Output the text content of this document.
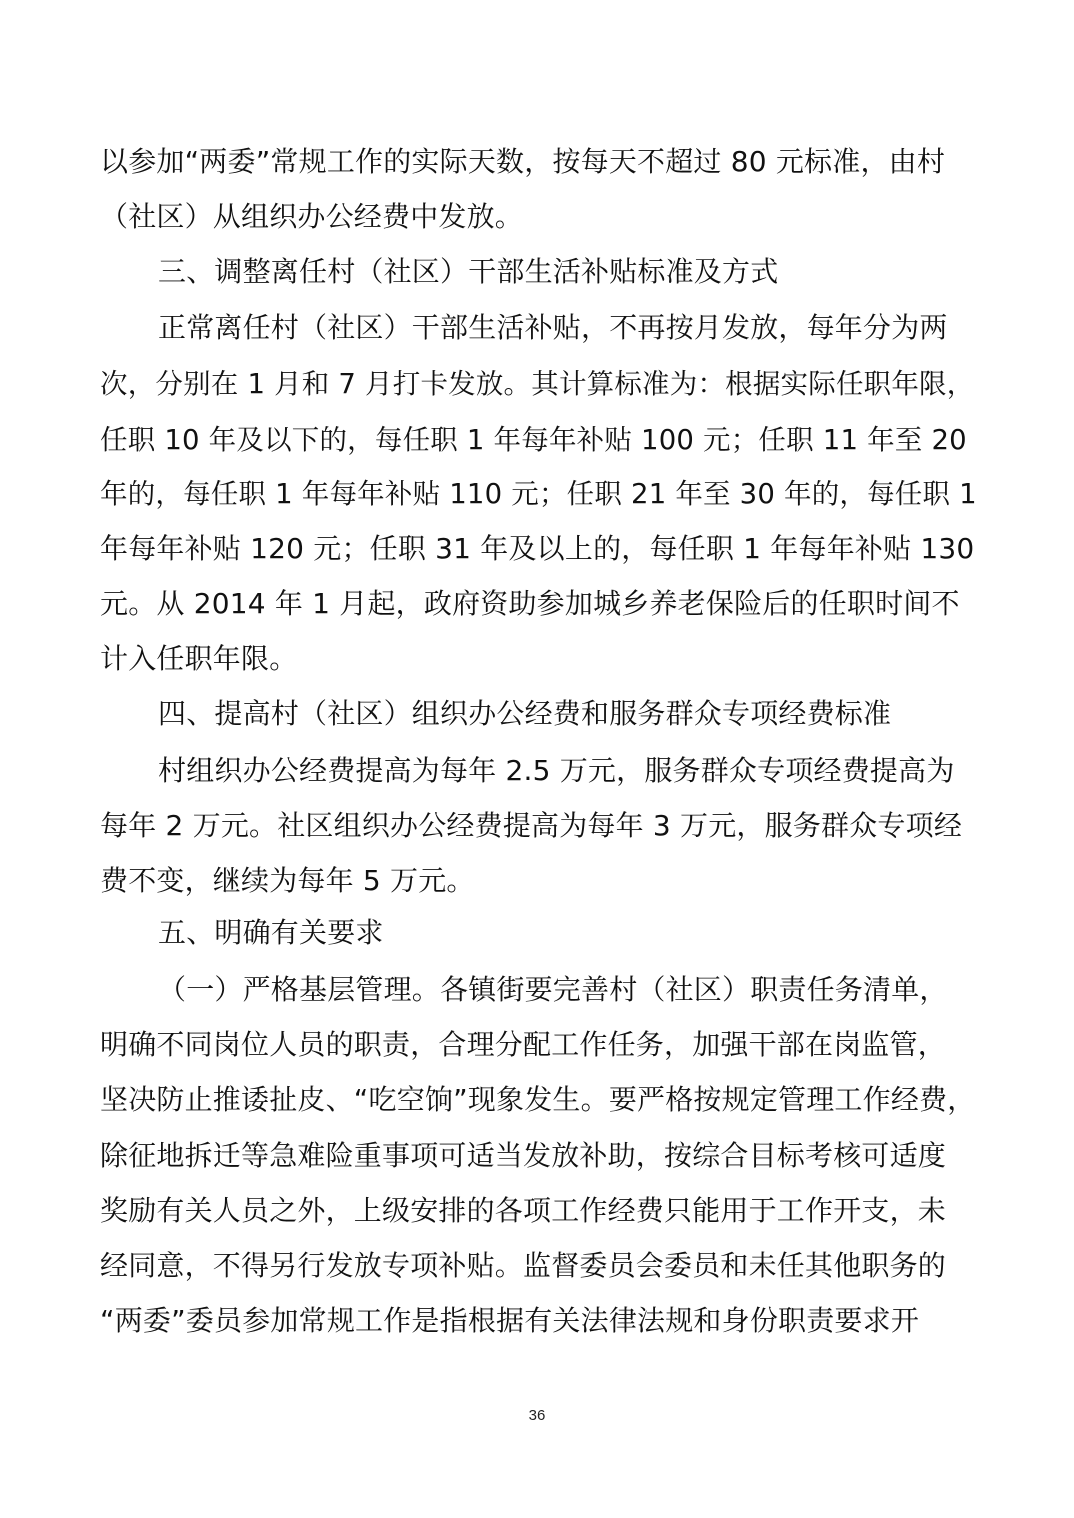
以参加“两委”常规工作的实际天数，按每天不超过 80 元标准，由村
（社区）从组织办公经费中发放。
三、调整离任村（社区）干部生活补贴标准及方式
正常离任村（社区）干部生活补贴，不再按月发放，每年分为两
次，分别在 1 月和 7 月打卡发放。其计算标准为：根据实际任职年限，
任职 10 年及以下的，每任职 1 年每年补贴 100 元；任职 11 年至 20
年的，每任职 1 年每年补贴 110 元；任职 21 年至 30 年的，每任职 1
年每年补贴 120 元；任职 31 年及以上的，每任职 1 年每年补贴 130
元。从 2014 年 1 月起，政府资助参加城乡养老保险后的任职时间不
计入任职年限。
四、提高村（社区）组织办公经费和服务群众专项经费标准
村组织办公经费提高为每年 2.5 万元，服务群众专项经费提高为
每年 2 万元。社区组织办公经费提高为每年 3 万元，服务群众专项经
费不变，继续为每年 5 万元。
五、明确有关要求
（一）严格基层管理。各镇街要完善村（社区）职责任务清单，
明确不同岗位人员的职责，合理分配工作任务，加强干部在岗监管，
坚决防止推诿扯皮、“吃空饷”现象发生。要严格按规定管理工作经费，
除征地拆迁等急难险重事项可适当发放补助，按综合目标考核可适度
奖励有关人员之外，上级安排的各项工作经费只能用于工作开支，未
经同意，不得另行发放专项补贴。监督委员会委员和未任其他职务的
“两委”委员参加常规工作是指根据有关法律法规和身份职责要求开
36
